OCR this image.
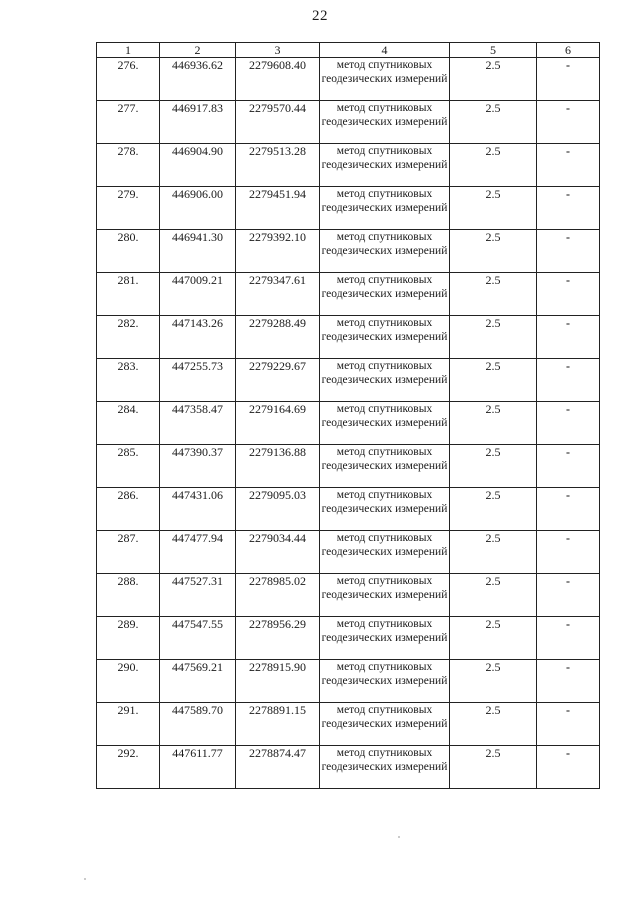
22
1	2	3	4	5	6
276.	446936.62	2279608.40	метод спутниковых геодезических измерений	2.5	-
277.	446917.83	2279570.44	метод спутниковых геодезических измерений	2.5	-
278.	446904.90	2279513.28	метод спутниковых геодезических измерений	2.5	-
279.	446906.00	2279451.94	метод спутниковых геодезических измерений	2.5	-
280.	446941.30	2279392.10	метод спутниковых геодезических измерений	2.5	-
281.	447009.21	2279347.61	метод спутниковых геодезических измерений	2.5	-
282.	447143.26	2279288.49	метод спутниковых геодезических измерений	2.5	-
283.	447255.73	2279229.67	метод спутниковых геодезических измерений	2.5	-
284.	447358.47	2279164.69	метод спутниковых геодезических измерений	2.5	-
285.	447390.37	2279136.88	метод спутниковых геодезических измерений	2.5	-
286.	447431.06	2279095.03	метод спутниковых геодезических измерений	2.5	-
287.	447477.94	2279034.44	метод спутниковых геодезических измерений	2.5	-
288.	447527.31	2278985.02	метод спутниковых геодезических измерений	2.5	-
289.	447547.55	2278956.29	метод спутниковых геодезических измерений	2.5	-
290.	447569.21	2278915.90	метод спутниковых геодезических измерений	2.5	-
291.	447589.70	2278891.15	метод спутниковых геодезических измерений	2.5	-
292.	447611.77	2278874.47	метод спутниковых геодезических измерений	2.5	-
